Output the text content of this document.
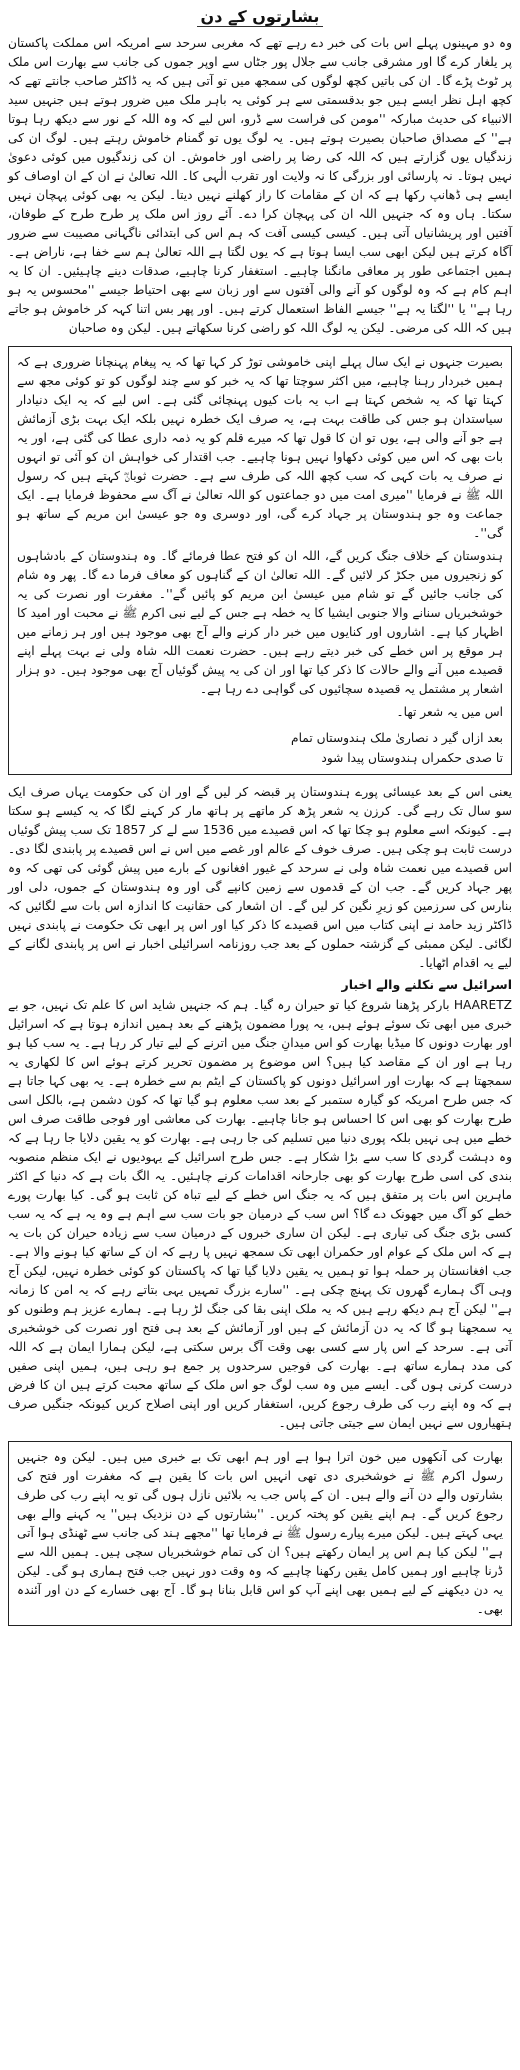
بشارتوں کے دن
وہ دو مہینوں پہلے اس بات کی خبر دے رہے تھے کہ مغربی سرحد سے امریکہ اس مملکت پاکستان پر یلغار کرے گا اور مشرقی جانب سے جلال پور جٹاں سے اوپر جموں کی جانب سے بھارت اس ملک پر ٹوٹ پڑے گا۔ ان کی باتیں کچھ لوگوں کی سمجھ میں تو آتی ہیں کہ یہ ڈاکٹر صاحب جانتے تھے کہ کچھ اہل نظر ایسے ہیں جو بدقسمتی سے ہر کوئی یہ باہر ملک میں ضرور ہوتے ہیں جنہیں سید الانبیاء کی حدیث مبارکہ ''مومن کی فراست سے ڈرو، اس لیے کہ وہ اللہ کے نور سے دیکھ رہا ہوتا ہے'' کے مصداق صاحبان بصیرت ہوتے ہیں۔ یہ لوگ یوں تو گمنام خاموش رہتے ہیں۔ لوگ ان کی زندگیاں یوں گزارتے ہیں کہ اللہ کی رضا پر راضی اور خاموش۔ ان کی زندگیوں میں کوئی دعویٰ نہیں ہوتا۔ نہ پارسائی اور بزرگی کا نہ ولایت اور تقرب الٰہی کا۔ اللہ تعالیٰ نے ان کے ان اوصاف کو ایسے ہی ڈھانپ رکھا ہے کہ ان کے مقامات کا راز کھلنے نہیں دیتا۔ لیکن یہ بھی کوئی پہچان نہیں سکتا۔ ہاں وہ کہ جنہیں اللہ ان کی پہچان کرا دے۔ آئے روز اس ملک پر طرح طرح کے طوفان، آفتیں اور پریشانیاں آتی ہیں۔ کیسی کیسی آفت کہ ہم اس کی ابتدائی ناگہانی مصیبت سے ضرور آگاہ کرتے ہیں لیکن ابھی سب ایسا ہوتا ہے کہ یوں لگتا ہے اللہ تعالیٰ ہم سے خفا ہے، ناراض ہے۔ ہمیں اجتماعی طور پر معافی مانگنا چاہیے۔ استغفار کرنا چاہیے، صدقات دینے چاہیئیں۔ ان کا یہ اہم کام ہے کہ وہ لوگوں کو آنے والی آفتوں سے اور زبان سے بھی احتیاط جیسے ''محسوس یہ ہو رہا ہے'' یا ''لگتا یہ ہے'' جیسے الفاظ استعمال کرتے ہیں۔ اور پھر بس اتنا کہہ کر خاموش ہو جاتے ہیں کہ اللہ کی مرضی۔ لیکن یہ لوگ اللہ کو راضی کرنا سکھاتے ہیں۔ لیکن وہ صاحبان

بصیرت جنہوں نے ایک سال پہلے اپنی خاموشی توڑ کر کہا تھا کہ یہ پیغام پہنچانا ضروری ہے کہ ہمیں خبردار رہنا چاہیے، میں اکثر سوچتا تھا کہ یہ خبر کو سے چند لوگوں کو تو کوئی مجھ سے کہتا تھا کہ یہ شخص کہتا ہے اب یہ بات کیوں پہنچائی گئی ہے۔ اس لیے کہ یہ ایک دنیادار سیاستدان ہو جس کی طاقت بہت ہے، یہ صرف ایک خطرہ نہیں بلکہ ایک بہت بڑی آزمائش ہے جو آنے والی ہے، یوں تو ان کا قول تھا کہ میرے قلم کو یہ ذمہ داری عطا کی گئی ہے، اور یہ بات بھی کہ اس میں کوئی دکھاوا نہیں ہونا چاہیے۔ جب اقتدار کی خواہش ان کو آئی تو انہوں نے صرف یہ بات کہی کہ سب کچھ اللہ کی طرف سے ہے۔ حضرت ثوبانؓ کہتے ہیں کہ رسول اللہ ﷺ نے فرمایا ''میری امت میں دو جماعتوں کو اللہ تعالیٰ نے آگ سے محفوظ فرمایا ہے۔ ایک جماعت وہ جو ہندوستان پر جہاد کرے گی، اور دوسری وہ جو عیسیٰ ابن مریم کے ساتھ ہو گی''۔

ہندوستان کے خلاف جنگ کریں گے، اللہ ان کو فتح عطا فرمائے گا۔ وہ ہندوستان کے بادشاہوں کو زنجیروں میں جکڑ کر لائیں گے۔ اللہ تعالیٰ ان کے گناہوں کو معاف فرما دے گا۔ پھر وہ شام کی جانب جائیں گے تو شام میں عیسیٰ ابن مریم کو پائیں گے''۔ مغفرت اور نصرت کی یہ خوشخبریاں سنانے والا جنوبی ایشیا کا یہ خطہ ہے جس کے لیے نبی اکرم ﷺ نے محبت اور امید کا اظہار کیا ہے۔ اشاروں اور کنایوں میں خبر دار کرنے والے آج بھی موجود ہیں اور ہر زمانے میں ہر موقع پر اس خطے کی خبر دیتے رہے ہیں۔ حضرت نعمت اللہ شاہ ولی نے بہت پہلے اپنے قصیدے میں آنے والے حالات کا ذکر کیا تھا اور ان کی یہ پیش گوئیاں آج بھی موجود ہیں۔ دو ہزار اشعار پر مشتمل یہ قصیدہ سچائیوں کی گواہی دے رہا ہے۔

اس میں یہ شعر تھا۔

بعد ازاں گیر د نصاریٰ ملک ہندوستاں تمام
تا صدی حکمراں ہندوستاں پیدا شود
یعنی اس کے بعد عیسائی پورے ہندوستان پر قبضہ کر لیں گے اور ان کی حکومت یہاں صرف ایک سو سال تک رہے گی۔ کرزن یہ شعر پڑھ کر ماتھے پر ہاتھ مار کر کہنے لگا کہ یہ کیسے ہو سکتا ہے۔ کیونکہ اسے معلوم ہو چکا تھا کہ اس قصیدے میں 1536 سے لے کر 1857 تک سب پیش گوئیاں درست ثابت ہو چکی ہیں۔ صرف خوف کے عالم اور غصے میں اس نے اس قصیدے پر پابندی لگا دی۔ اس قصیدے میں نعمت شاہ ولی نے سرحد کے غیور افغانوں کے بارے میں پیش گوئی کی تھی کہ وہ پھر جہاد کریں گے۔ جب ان کے قدموں سے زمین کانپے گی اور وہ ہندوستان کے جموں، دلی اور بنارس کی سرزمین کو زیرِ نگین کر لیں گے۔ ان اشعار کی حقانیت کا اندازہ اس بات سے لگائیں کہ ڈاکٹر زید حامد نے اپنی کتاب میں اس قصیدے کا ذکر کیا اور اس پر ابھی تک حکومت نے پابندی نہیں لگائی۔ لیکن ممبئی کے گزشتہ حملوں کے بعد جب روزنامہ اسرائیلی اخبار نے اس پر پابندی لگانے کے لیے یہ اقدام اٹھایا۔
اسرائیل سے نکلنے والے اخبار
HAARETZ بارکر پڑھنا شروع کیا تو حیران رہ گیا۔ ہم کہ جنہیں شاید اس کا علم تک نہیں، جو بے خبری میں ابھی تک سوئے ہوئے ہیں، یہ پورا مضمون پڑھنے کے بعد ہمیں اندازہ ہوتا ہے کہ اسرائیل اور بھارت دونوں کا میڈیا بھارت کو اس میدانِ جنگ میں اترنے کے لیے تیار کر رہا ہے۔ یہ سب کیا ہو رہا ہے اور ان کے مقاصد کیا ہیں؟ اس موضوع پر مضمون تحریر کرتے ہوئے اس کا لکھاری یہ سمجھتا ہے کہ بھارت اور اسرائیل دونوں کو پاکستان کے ایٹم بم سے خطرہ ہے۔ یہ بھی کہا جاتا ہے کہ جس طرح امریکہ کو گیارہ ستمبر کے بعد سب معلوم ہو گیا تھا کہ کون دشمن ہے، بالکل اسی طرح بھارت کو بھی اس کا احساس ہو جانا چاہیے۔ بھارت کی معاشی اور فوجی طاقت صرف اس خطے میں ہی نہیں بلکہ پوری دنیا میں تسلیم کی جا رہی ہے۔ بھارت کو یہ یقین دلایا جا رہا ہے کہ وہ دہشت گردی کا سب سے بڑا شکار ہے۔ جس طرح اسرائیل کے یہودیوں نے ایک منظم منصوبہ بندی کی اسی طرح بھارت کو بھی جارحانہ اقدامات کرنے چاہئیں۔ یہ الگ بات ہے کہ دنیا کے اکثر ماہرین اس بات پر متفق ہیں کہ یہ جنگ اس خطے کے لیے تباہ کن ثابت ہو گی۔ کیا بھارت پورے خطے کو آگ میں جھونک دے گا؟ اس سب کے درمیان جو بات سب سے اہم ہے وہ یہ ہے کہ یہ سب کسی بڑی جنگ کی تیاری ہے۔ لیکن ان ساری خبروں کے درمیان سب سے زیادہ حیران کن بات یہ ہے کہ اس ملک کے عوام اور حکمران ابھی تک سمجھ نہیں پا رہے کہ ان کے ساتھ کیا ہونے والا ہے۔ جب افغانستان پر حملہ ہوا تو ہمیں یہ یقین دلایا گیا تھا کہ پاکستان کو کوئی خطرہ نہیں، لیکن آج وہی آگ ہمارے گھروں تک پہنچ چکی ہے۔ ''سارے بزرگ تمہیں یہی بتاتے رہے کہ یہ امن کا زمانہ ہے'' لیکن آج ہم دیکھ رہے ہیں کہ یہ ملک اپنی بقا کی جنگ لڑ رہا ہے۔ ہمارے عزیز ہم وطنوں کو یہ سمجھنا ہو گا کہ یہ دن آزمائش کے ہیں اور آزمائش کے بعد ہی فتح اور نصرت کی خوشخبری آتی ہے۔ سرحد کے اس پار سے کسی بھی وقت آگ برس سکتی ہے، لیکن ہمارا ایمان ہے کہ اللہ کی مدد ہمارے ساتھ ہے۔ بھارت کی فوجیں سرحدوں پر جمع ہو رہی ہیں، ہمیں اپنی صفیں درست کرنی ہوں گی۔ ایسے میں وہ سب لوگ جو اس ملک کے ساتھ محبت کرتے ہیں ان کا فرض ہے کہ وہ اپنے رب کی طرف رجوع کریں، استغفار کریں اور اپنی اصلاح کریں کیونکہ جنگیں صرف ہتھیاروں سے نہیں ایمان سے جیتی جاتی ہیں۔
بھارت کی آنکھوں میں خون اترا ہوا ہے اور ہم ابھی تک بے خبری میں ہیں۔ لیکن وہ جنہیں رسول اکرم ﷺ نے خوشخبری دی تھی انہیں اس بات کا یقین ہے کہ مغفرت اور فتح کی بشارتوں والے دن آنے والے ہیں۔ ان کے پاس جب یہ بلائیں نازل ہوں گی تو یہ اپنے رب کی طرف رجوع کریں گے۔ ہم اپنے یقین کو پختہ کریں۔ ''بشارتوں کے دن نزدیک ہیں'' یہ کہنے والے بھی یہی کہتے ہیں۔ لیکن میرے پیارے رسول ﷺ نے فرمایا تھا ''مجھے ہند کی جانب سے ٹھنڈی ہوا آتی ہے'' لیکن کیا ہم اس پر ایمان رکھتے ہیں؟ ان کی تمام خوشخبریاں سچی ہیں۔ ہمیں اللہ سے ڈرنا چاہیے اور ہمیں کامل یقین رکھنا چاہیے کہ وہ وقت دور نہیں جب فتح ہماری ہو گی۔ لیکن یہ دن دیکھنے کے لیے ہمیں بھی اپنے آپ کو اس قابل بنانا ہو گا۔ آج بھی خسارے کے دن اور آئندہ بھی۔
